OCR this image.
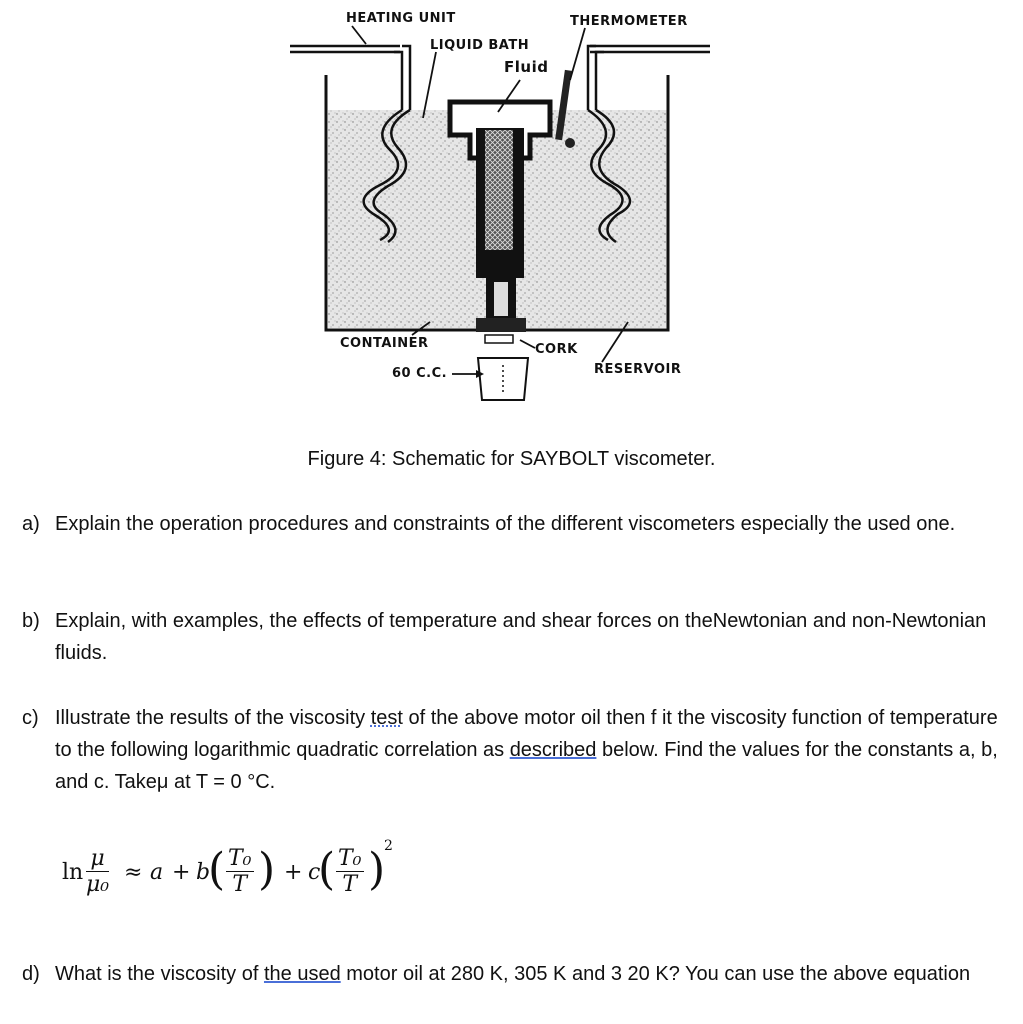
HEATING UNIT
LIQUID BATH
Fluid
THERMOMETER
CONTAINER	CORK
60 C.C.	RESERVOIR
Figure 4: Schematic for SAYBOLT viscometer.
a) Explain the operation procedures and constraints of the different viscometers especially the used one.
b) Explain, with examples, the effects of temperature and shear forces on theNewtonian and non-Newtonian fluids.
c) Illustrate the results of the viscosity test of the above motor oil then f it the viscosity function of temperature to the following logarithmic quadratic correlation as described below. Find the values for the constants a, b, and c. Takeμ at T = 0 °C.
$\ln \frac{\mu}{\text{μ₀}} \approx a + b$
( $\frac{\text{T₀}}{T}$ ) + c
( $\frac{\text{T₀}}{T}$ )
2
d) What is the viscosity of the used motor oil at 280 K, 305 K and 3 20 K? You can use the above equation
